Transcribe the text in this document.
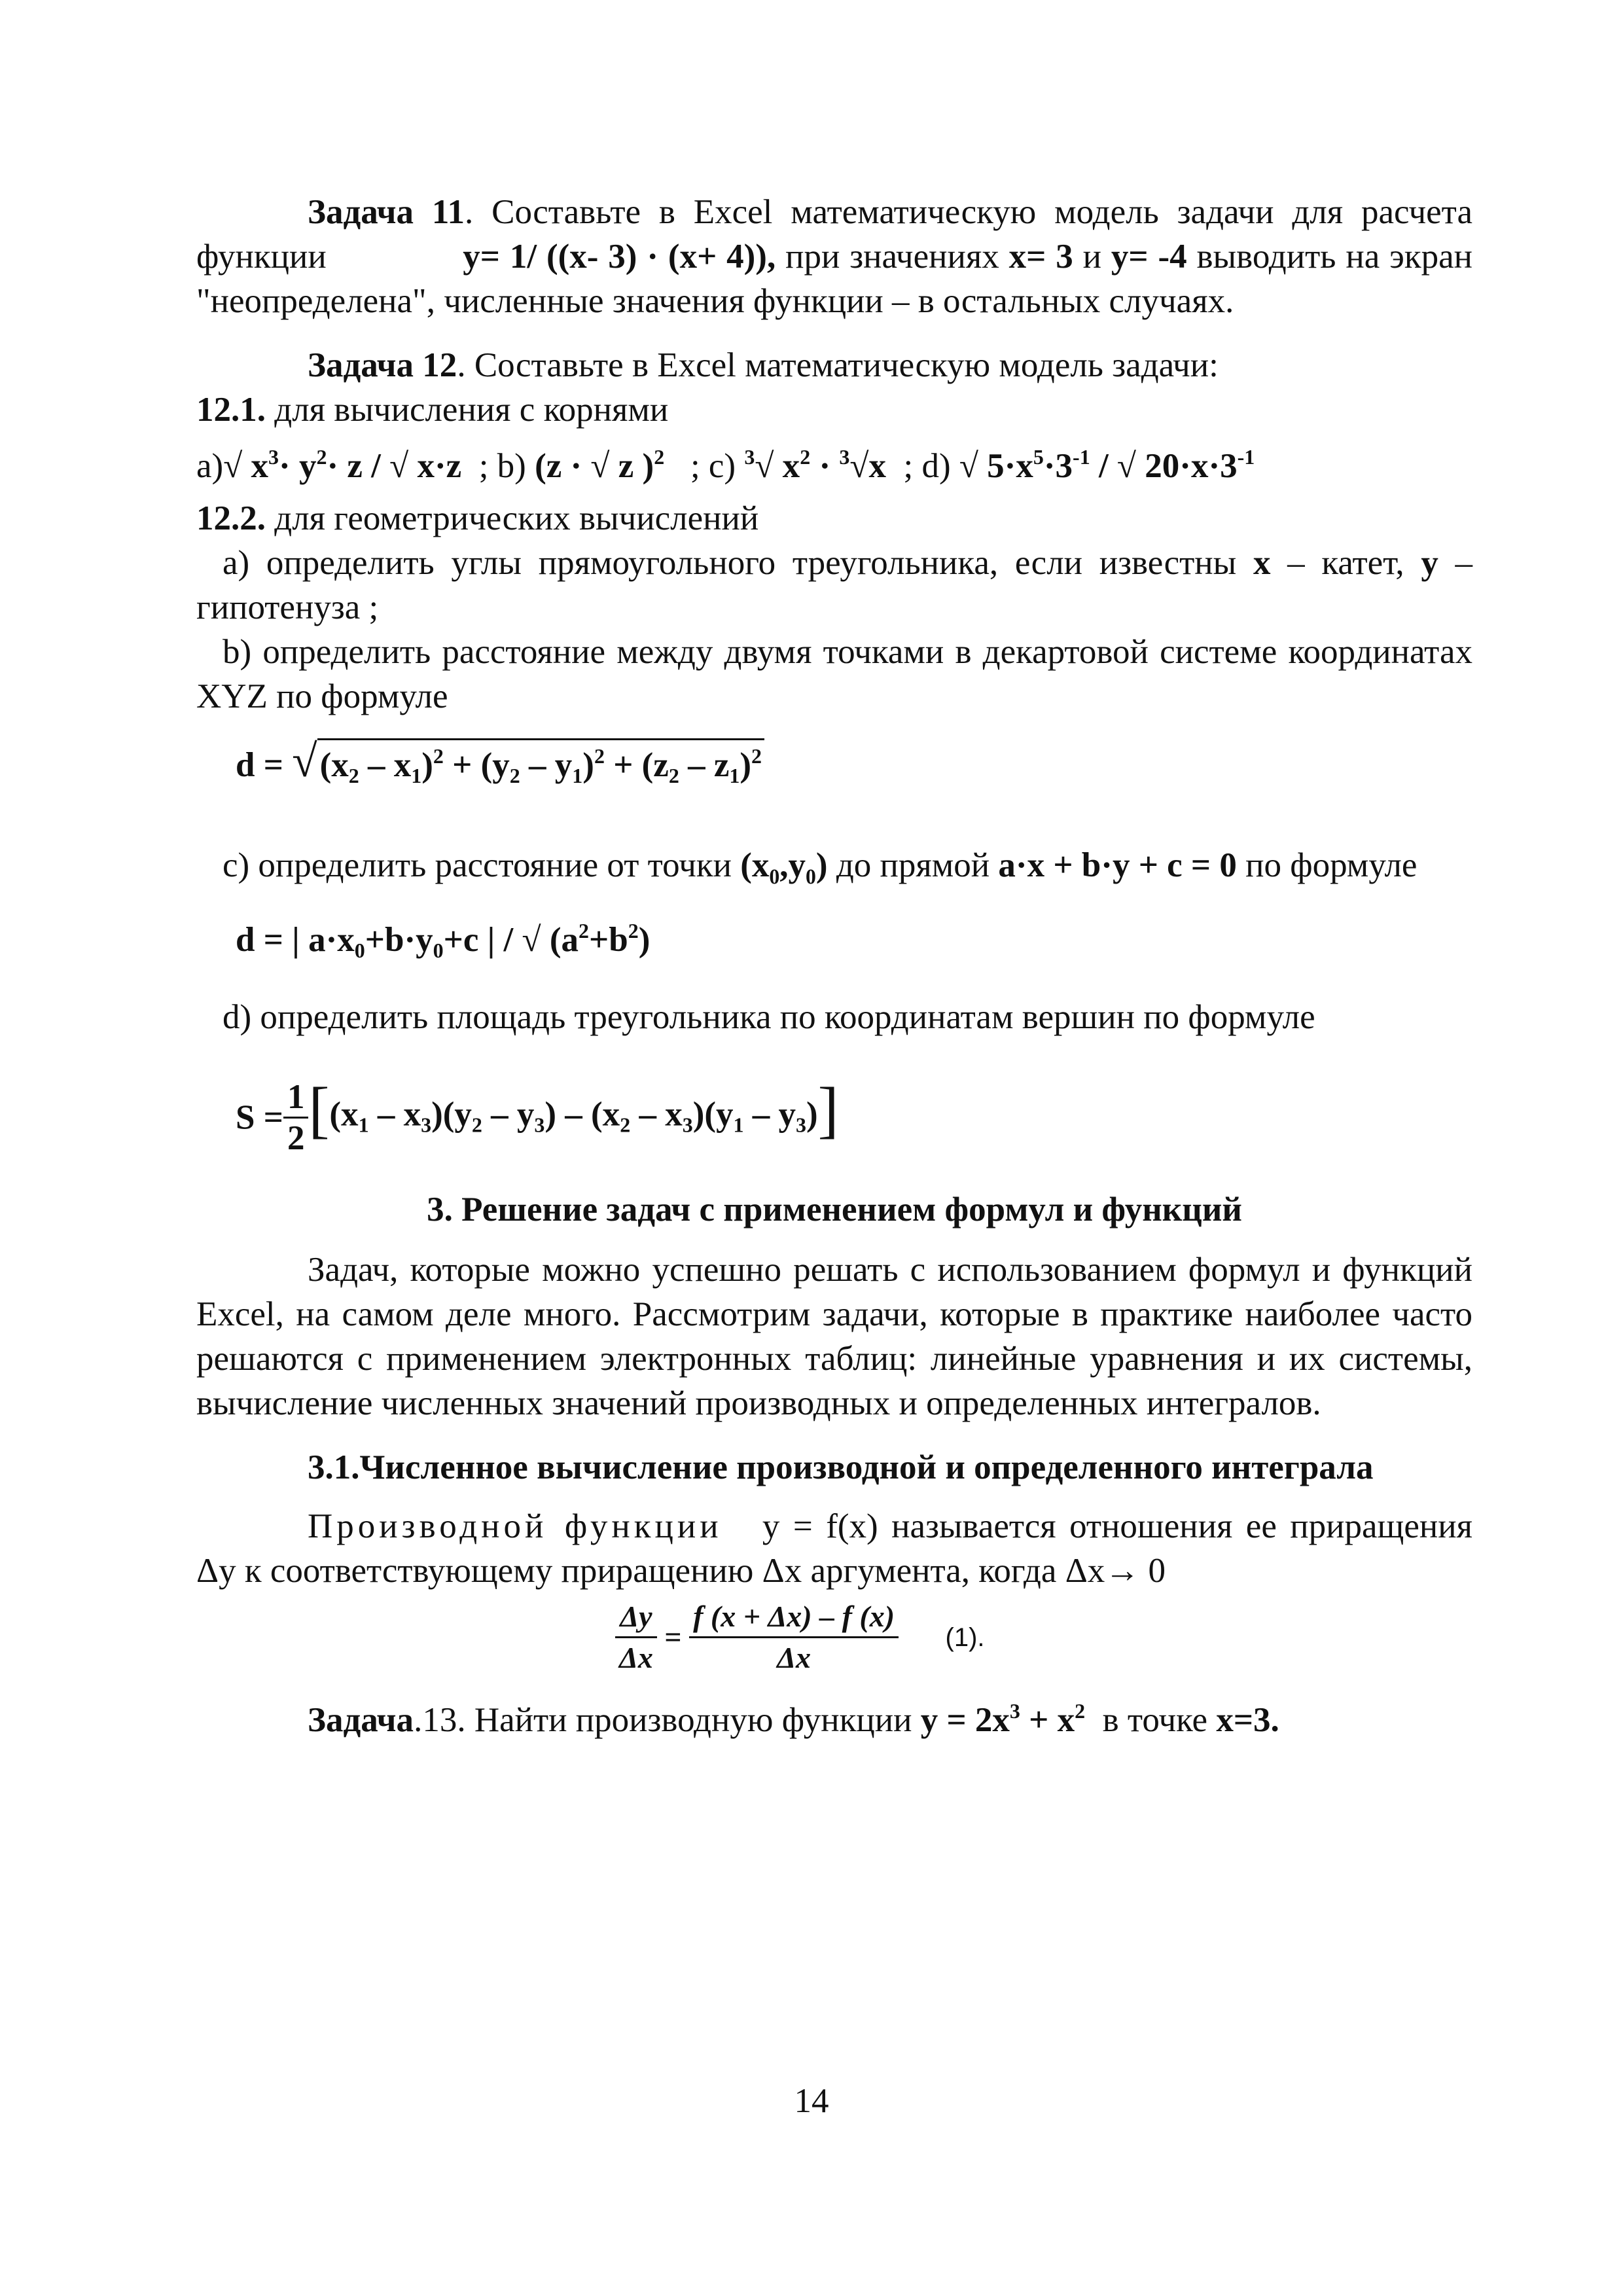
Задача 11. Составьте в Excel математическую модель задачи для расчета функции	y= 1/ ((x- 3) · (x+ 4)), при значениях x= 3 и y= -4 выводить на экран "неопределена", численные значения функции – в остальных случаях.

Задача 12. Составьте в Excel математическую модель задачи:

12.1. для вычисления с корнями

a)√ $x^3\cdot y^2\cdot z$ / √ x·z ; b) (z · √ z )$^2$ ; c) $^3$√ $x^2 \cdot ^3√x$ ; d) √ $5\cdot x^5\cdot 3^{-1}$ / √ $20\cdot x\cdot 3^{-1}$

12.2. для геометрических вычислений

a) определить углы прямоугольного треугольника, если известны x – катет, y – гипотенуза ;

b) определить расстояние между двумя точками в декартовой системе координатах XYZ по формуле

$d = √(x_2 - x_1)^2 + (y_2 - y_1)^2 + (z_2 - z_1)^2$

c) определить расстояние от точки (x₀,y₀) до прямой a·x + b·y + c = 0 по формуле

d = | $a\cdot x_0+b\cdot y_0+c$ | / √ $(a^2+b^2)$

d) определить площадь треугольника по координатам вершин по формуле

$S = \frac{1}{2} [(x_1 - x_3)(y_2 - y_3) - (x_2 - x_3)(y_1 - y_3)]$
3. Решение задач с применением формул и функций

Задач, которые можно успешно решать с использованием формул и функций Excel, на самом деле много. Рассмотрим задачи, которые в практике наиболее часто решаются с применением электронных таблиц: линейные уравнения и их системы, вычисление численных значений производных и определенных интегралов.

3.1.Численное вычисление производной и определенного интеграла

Производной функции   y = f(x) называется отношения ее приращения Δy к соответствующему приращению Δx аргумента, когда Δx→ 0

$\frac{\Delta y}{\Delta x} = \frac{f (x + \Delta x) - f (x)}{\Delta x} (1)$.

Задача.13. Найти производную функции $y = 2x^3 + x^2$  в точке x=3.

14
